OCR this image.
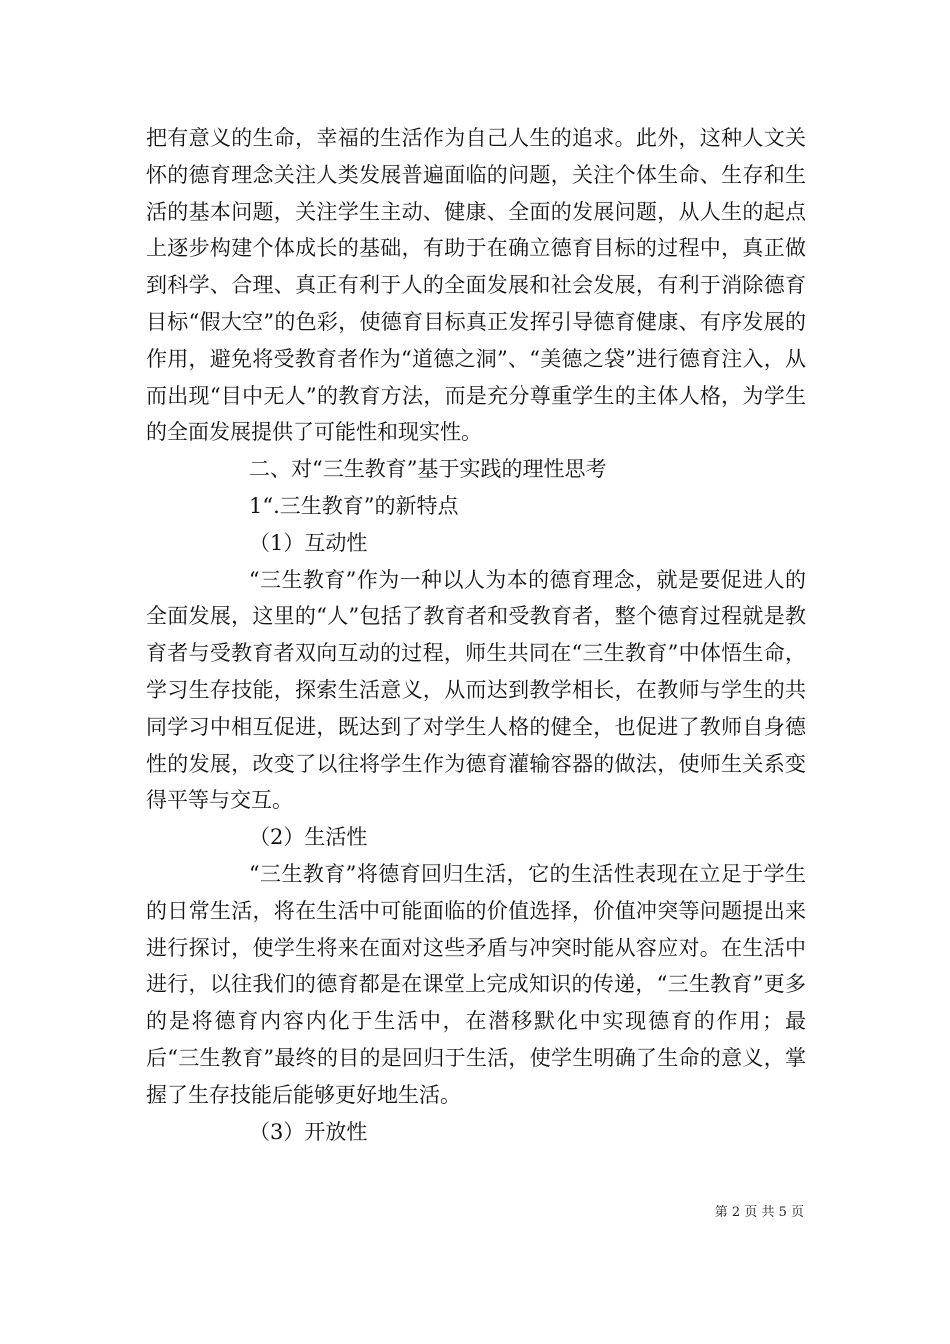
把有意义的生命，幸福的生活作为自己人生的追求。此外，这种人文关怀的德育理念关注人类发展普遍面临的问题，关注个体生命、生存和生活的基本问题，关注学生主动、健康、全面的发展问题，从人生的起点上逐步构建个体成长的基础，有助于在确立德育目标的过程中，真正做到科学、合理、真正有利于人的全面发展和社会发展，有利于消除德育目标“假大空”的色彩，使德育目标真正发挥引导德育健康、有序发展的作用，避免将受教育者作为“道德之洞”、“美德之袋”进行德育注入，从而出现“目中无人”的教育方法，而是充分尊重学生的主体人格，为学生的全面发展提供了可能性和现实性。

二、对“三生教育”基于实践的理性思考

1“.三生教育”的新特点

（1）互动性

“三生教育”作为一种以人为本的德育理念，就是要促进人的全面发展，这里的“人”包括了教育者和受教育者，整个德育过程就是教育者与受教育者双向互动的过程，师生共同在“三生教育”中体悟生命，学习生存技能，探索生活意义，从而达到教学相长，在教师与学生的共同学习中相互促进，既达到了对学生人格的健全，也促进了教师自身德性的发展，改变了以往将学生作为德育灌输容器的做法，使师生关系变得平等与交互。

（2）生活性

“三生教育”将德育回归生活，它的生活性表现在立足于学生的日常生活，将在生活中可能面临的价值选择，价值冲突等问题提出来进行探讨，使学生将来在面对这些矛盾与冲突时能从容应对。在生活中进行，以往我们的德育都是在课堂上完成知识的传递，“三生教育”更多的是将德育内容内化于生活中，在潜移默化中实现德育的作用；最后“三生教育”最终的目的是回归于生活，使学生明确了生命的意义，掌握了生存技能后能够更好地生活。

（3）开放性

第 2 页 共 5 页
